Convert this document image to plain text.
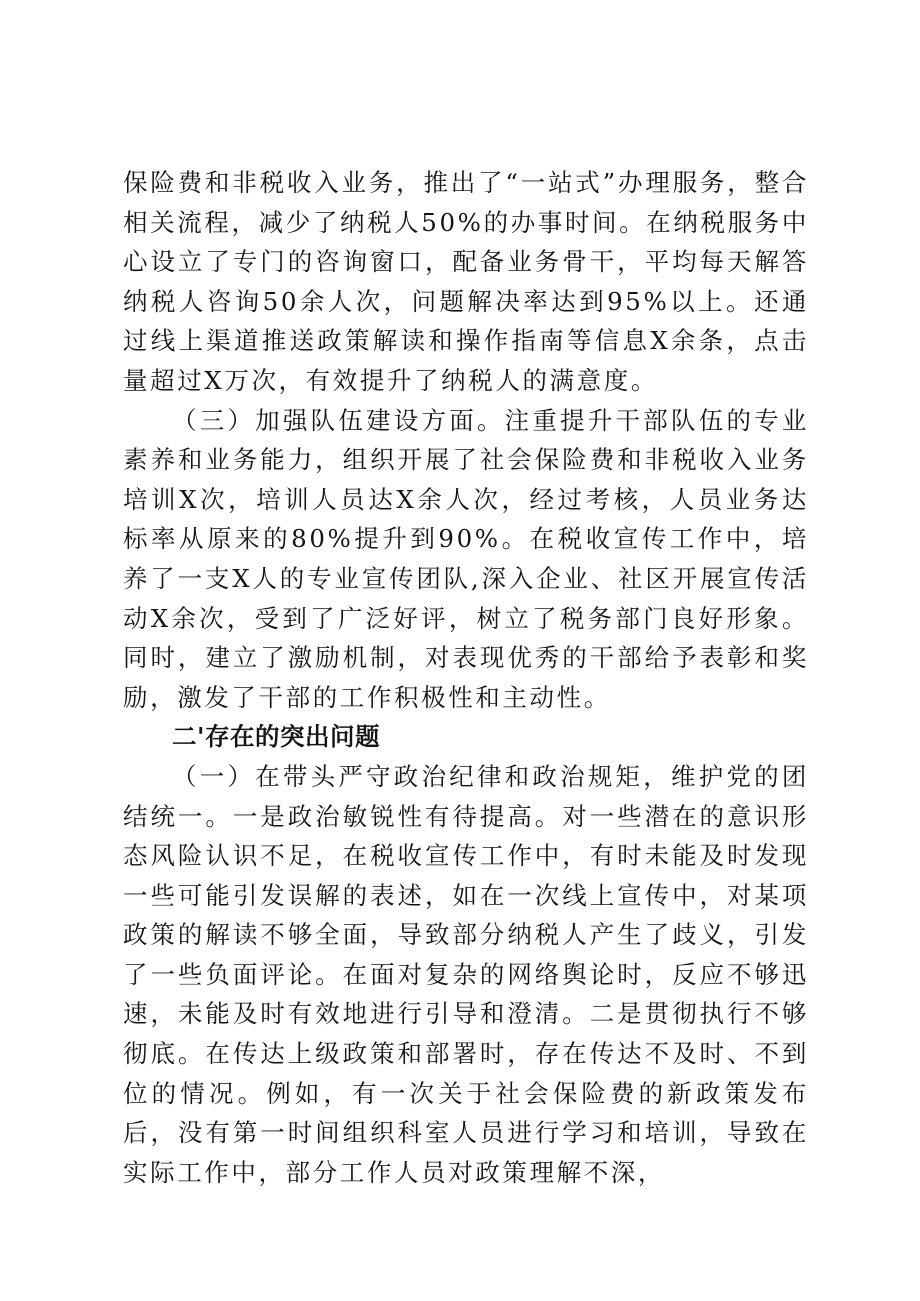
保险费和非税收入业务，推出了“一站式”办理服务，整合相关流程，减少了纳税人50%的办事时间。在纳税服务中心设立了专门的咨询窗口，配备业务骨干，平均每天解答纳税人咨询50余人次，问题解决率达到95%以上。还通过线上渠道推送政策解读和操作指南等信息X余条，点击量超过X万次，有效提升了纳税人的满意度。

（三）加强队伍建设方面。注重提升干部队伍的专业素养和业务能力，组织开展了社会保险费和非税收入业务培训X次，培训人员达X余人次，经过考核，人员业务达标率从原来的80%提升到90%。在税收宣传工作中，培养了一支X人的专业宣传团队,深入企业、社区开展宣传活动X余次，受到了广泛好评，树立了税务部门良好形象。同时，建立了激励机制，对表现优秀的干部给予表彰和奖励，激发了干部的工作积极性和主动性。

二'存在的突出问题

（一）在带头严守政治纪律和政治规矩，维护党的团结统一。一是政治敏锐性有待提高。对一些潜在的意识形态风险认识不足，在税收宣传工作中，有时未能及时发现一些可能引发误解的表述，如在一次线上宣传中，对某项政策的解读不够全面，导致部分纳税人产生了歧义，引发了一些负面评论。在面对复杂的网络舆论时，反应不够迅速，未能及时有效地进行引导和澄清。二是贯彻执行不够彻底。在传达上级政策和部署时，存在传达不及时、不到位的情况。例如，有一次关于社会保险费的新政策发布后，没有第一时间组织科室人员进行学习和培训，导致在实际工作中，部分工作人员对政策理解不深，
